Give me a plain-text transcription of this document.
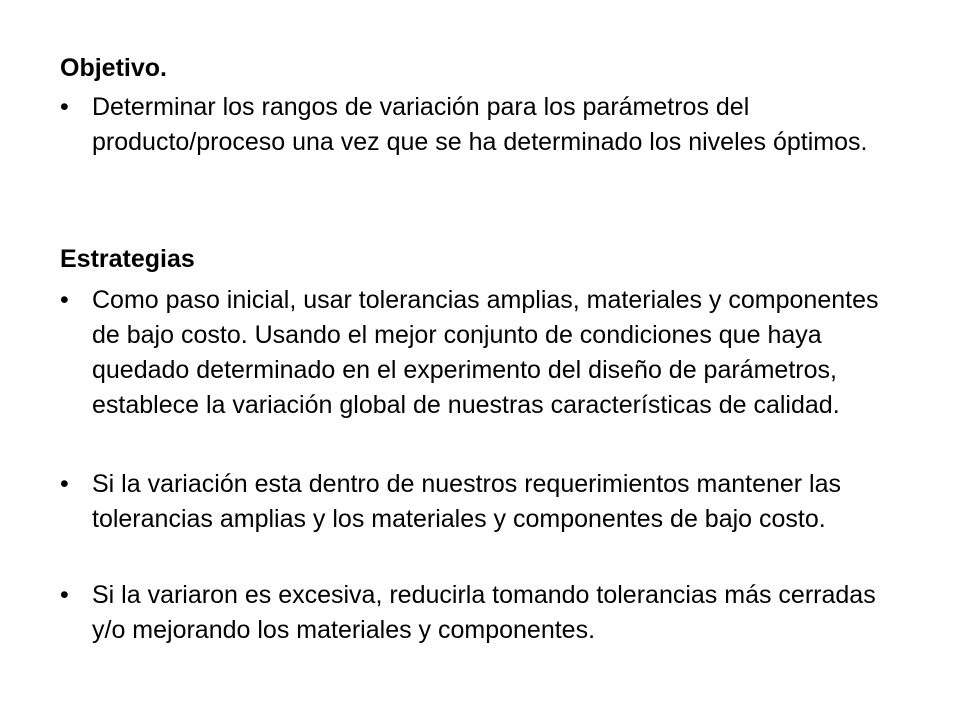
Objetivo.
• Determinar los rangos de variación para los parámetros del producto/proceso una vez que se ha determinado los niveles óptimos.
Estrategias
• Como paso inicial, usar tolerancias amplias, materiales y componentes de bajo costo. Usando el mejor conjunto de condiciones que haya quedado determinado en el experimento del diseño de parámetros, establece la variación global de nuestras características de calidad.
• Si la variación esta dentro de nuestros requerimientos mantener las tolerancias amplias y los materiales y componentes de bajo costo.
• Si la variaron es excesiva, reducirla tomando tolerancias más cerradas y/o mejorando los materiales y componentes.
